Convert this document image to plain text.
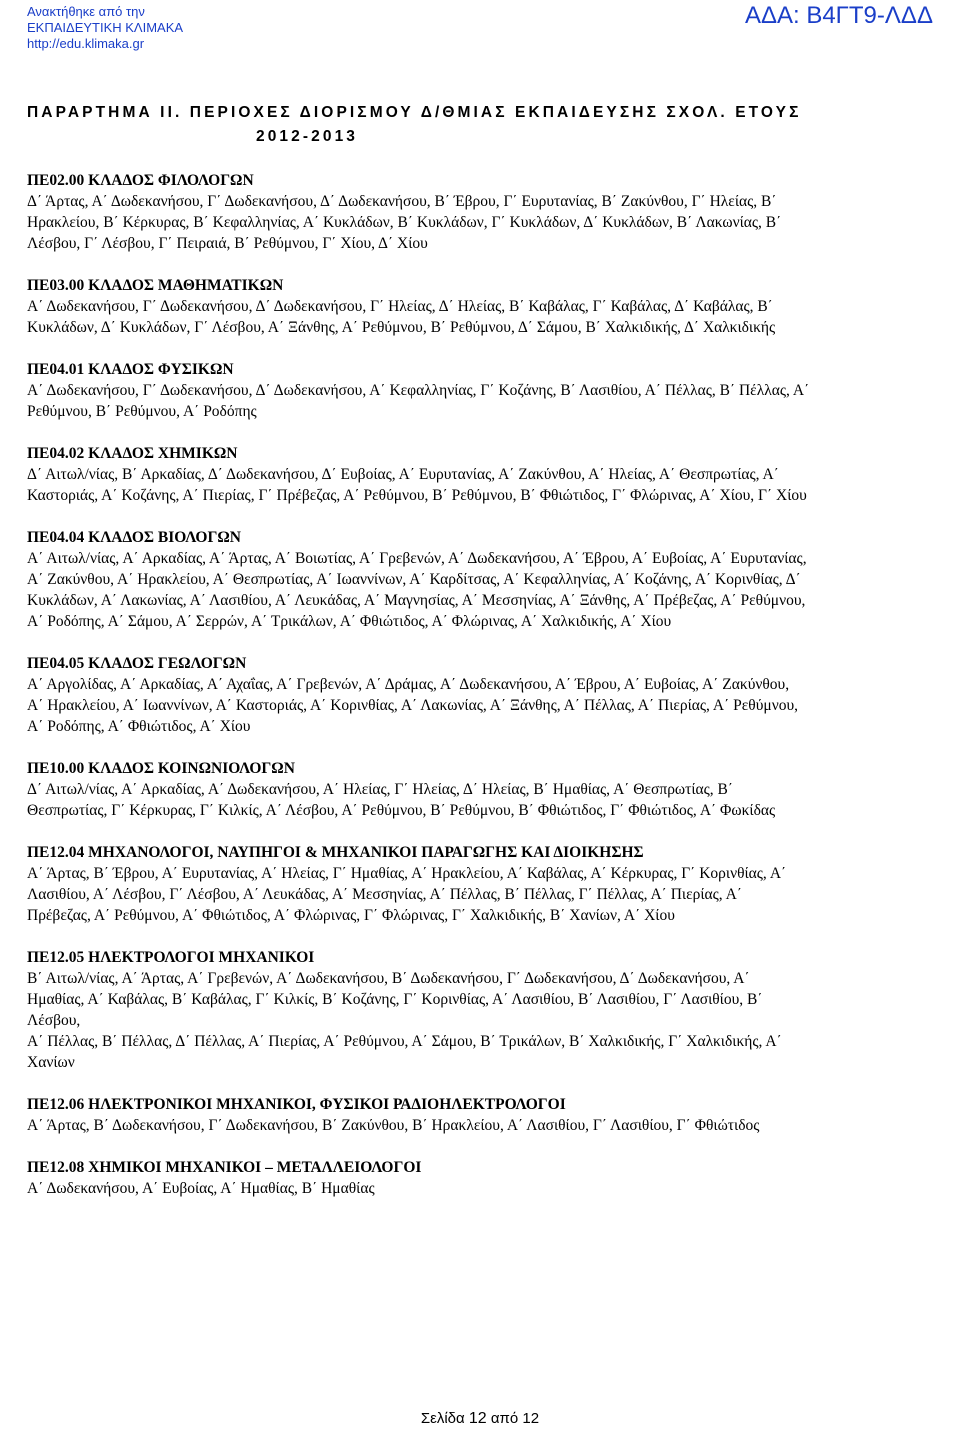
Ανακτήθηκε από την
ΕΚΠΑΙΔΕΥΤΙΚΗ ΚΛΙΜΑΚΑ
http://edu.klimaka.gr
ΑΔΑ: Β4ΓΤ9-ΛΔΔ
ΠΑΡΑΡΤΗΜΑ ΙΙ. ΠΕΡΙΟΧΕΣ ΔΙΟΡΙΣΜΟΥ Δ/ΘΜΙΑΣ ΕΚΠΑΙΔΕΥΣΗΣ ΣΧΟΛ. ΕΤΟΥΣ
2012-2013
ΠΕ02.00 ΚΛΑΔΟΣ ΦΙΛΟΛΟΓΩΝ
Δ΄ Άρτας, Α΄ Δωδεκανήσου, Γ΄ Δωδεκανήσου, Δ΄ Δωδεκανήσου, Β΄ Έβρου, Γ΄ Ευρυτανίας, Β΄ Ζακύνθου, Γ΄ Ηλείας, Β΄
Ηρακλείου, Β΄ Κέρκυρας, Β΄ Κεφαλληνίας, Α΄ Κυκλάδων, Β΄ Κυκλάδων, Γ΄ Κυκλάδων, Δ΄ Κυκλάδων, Β΄ Λακωνίας, Β΄
Λέσβου, Γ΄ Λέσβου, Γ΄ Πειραιά, Β΄ Ρεθύμνου, Γ΄ Χίου, Δ΄ Χίου
ΠΕ03.00 ΚΛΑΔΟΣ ΜΑΘΗΜΑΤΙΚΩΝ
Α΄ Δωδεκανήσου, Γ΄ Δωδεκανήσου, Δ΄ Δωδεκανήσου, Γ΄ Ηλείας, Δ΄ Ηλείας, Β΄ Καβάλας, Γ΄ Καβάλας, Δ΄ Καβάλας, Β΄
Κυκλάδων, Δ΄ Κυκλάδων, Γ΄ Λέσβου, Α΄ Ξάνθης, Α΄ Ρεθύμνου, Β΄ Ρεθύμνου, Δ΄ Σάμου, Β΄ Χαλκιδικής, Δ΄ Χαλκιδικής
ΠΕ04.01 ΚΛΑΔΟΣ ΦΥΣΙΚΩΝ
Α΄ Δωδεκανήσου, Γ΄ Δωδεκανήσου, Δ΄ Δωδεκανήσου, Α΄ Κεφαλληνίας, Γ΄ Κοζάνης, Β΄ Λασιθίου, Α΄ Πέλλας, Β΄ Πέλλας, Α΄
Ρεθύμνου, Β΄ Ρεθύμνου, Α΄ Ροδόπης
ΠΕ04.02 ΚΛΑΔΟΣ ΧΗΜΙΚΩΝ
Δ΄ Αιτωλ/νίας, Β΄ Αρκαδίας, Δ΄ Δωδεκανήσου, Δ΄ Ευβοίας, Α΄ Ευρυτανίας, Α΄ Ζακύνθου, Α΄ Ηλείας, Α΄ Θεσπρωτίας, Α΄
Καστοριάς, Α΄ Κοζάνης, Α΄ Πιερίας, Γ΄ Πρέβεζας, Α΄ Ρεθύμνου, Β΄ Ρεθύμνου, Β΄ Φθιώτιδος, Γ΄ Φλώρινας, Α΄ Χίου, Γ΄ Χίου
ΠΕ04.04 ΚΛΑΔΟΣ ΒΙΟΛΟΓΩΝ
Α΄ Αιτωλ/νίας, Α΄ Αρκαδίας, Α΄ Άρτας, Α΄ Βοιωτίας, Α΄ Γρεβενών, Α΄ Δωδεκανήσου, Α΄ Έβρου, Α΄ Ευβοίας, Α΄ Ευρυτανίας,
Α΄ Ζακύνθου, Α΄ Ηρακλείου, Α΄ Θεσπρωτίας, Α΄ Ιωαννίνων, Α΄ Καρδίτσας, Α΄ Κεφαλληνίας, Α΄ Κοζάνης, Α΄ Κορινθίας, Δ΄
Κυκλάδων, Α΄ Λακωνίας, Α΄ Λασιθίου, Α΄ Λευκάδας, Α΄ Μαγνησίας, Α΄ Μεσσηνίας, Α΄ Ξάνθης, Α΄ Πρέβεζας, Α΄ Ρεθύμνου,
Α΄ Ροδόπης, Α΄ Σάμου, Α΄ Σερρών, Α΄ Τρικάλων, Α΄ Φθιώτιδος, Α΄ Φλώρινας, Α΄ Χαλκιδικής, Α΄ Χίου
ΠΕ04.05 ΚΛΑΔΟΣ ΓΕΩΛΟΓΩΝ
Α΄ Αργολίδας, Α΄ Αρκαδίας, Α΄ Αχαΐας, Α΄ Γρεβενών, Α΄ Δράμας, Α΄ Δωδεκανήσου, Α΄ Έβρου, Α΄ Ευβοίας, Α΄ Ζακύνθου,
Α΄ Ηρακλείου, Α΄ Ιωαννίνων, Α΄ Καστοριάς, Α΄ Κορινθίας, Α΄ Λακωνίας, Α΄ Ξάνθης, Α΄ Πέλλας, Α΄ Πιερίας, Α΄ Ρεθύμνου,
Α΄ Ροδόπης, Α΄ Φθιώτιδος, Α΄ Χίου
ΠΕ10.00 ΚΛΑΔΟΣ ΚΟΙΝΩΝΙΟΛΟΓΩΝ
Δ΄ Αιτωλ/νίας, Α΄ Αρκαδίας, Α΄ Δωδεκανήσου, Α΄ Ηλείας, Γ΄ Ηλείας, Δ΄ Ηλείας, Β΄ Ημαθίας, Α΄ Θεσπρωτίας, Β΄
Θεσπρωτίας, Γ΄ Κέρκυρας, Γ΄ Κιλκίς, Α΄ Λέσβου, Α΄ Ρεθύμνου, Β΄ Ρεθύμνου, Β΄ Φθιώτιδος, Γ΄ Φθιώτιδος, Α΄ Φωκίδας
ΠΕ12.04 ΜΗΧΑΝΟΛΟΓΟΙ, ΝΑΥΠΗΓΟΙ & ΜΗΧΑΝΙΚΟΙ ΠΑΡΑΓΩΓΗΣ ΚΑΙ ΔΙΟΙΚΗΣΗΣ
Α΄ Άρτας, Β΄ Έβρου, Α΄ Ευρυτανίας, Α΄ Ηλείας, Γ΄ Ημαθίας, Α΄ Ηρακλείου, Α΄ Καβάλας, Α΄ Κέρκυρας, Γ΄ Κορινθίας, Α΄
Λασιθίου, Α΄ Λέσβου, Γ΄ Λέσβου, Α΄ Λευκάδας, Α΄ Μεσσηνίας, Α΄ Πέλλας, Β΄ Πέλλας, Γ΄ Πέλλας, Α΄ Πιερίας, Α΄
Πρέβεζας, Α΄ Ρεθύμνου, Α΄ Φθιώτιδος, Α΄ Φλώρινας, Γ΄ Φλώρινας, Γ΄ Χαλκιδικής, Β΄ Χανίων, Α΄ Χίου
ΠΕ12.05 ΗΛΕΚΤΡΟΛΟΓΟΙ ΜΗΧΑΝΙΚΟΙ
Β΄ Αιτωλ/νίας, Α΄ Άρτας, Α΄ Γρεβενών, Α΄ Δωδεκανήσου, Β΄ Δωδεκανήσου, Γ΄ Δωδεκανήσου, Δ΄ Δωδεκανήσου, Α΄
Ημαθίας, Α΄ Καβάλας, Β΄ Καβάλας, Γ΄ Κιλκίς, Β΄ Κοζάνης, Γ΄ Κορινθίας, Α΄ Λασιθίου, Β΄ Λασιθίου, Γ΄ Λασιθίου, Β΄
Λέσβου,
Α΄ Πέλλας, Β΄ Πέλλας, Δ΄ Πέλλας, Α΄ Πιερίας, Α΄ Ρεθύμνου, Α΄ Σάμου, Β΄ Τρικάλων, Β΄ Χαλκιδικής, Γ΄ Χαλκιδικής, Α΄
Χανίων
ΠΕ12.06 ΗΛΕΚΤΡΟΝΙΚΟΙ ΜΗΧΑΝΙΚΟΙ, ΦΥΣΙΚΟΙ ΡΑΔΙΟΗΛΕΚΤΡΟΛΟΓΟΙ
Α΄ Άρτας, Β΄ Δωδεκανήσου, Γ΄ Δωδεκανήσου, Β΄ Ζακύνθου, Β΄ Ηρακλείου, Α΄ Λασιθίου, Γ΄ Λασιθίου, Γ΄ Φθιώτιδος
ΠΕ12.08 ΧΗΜΙΚΟΙ ΜΗΧΑΝΙΚΟΙ – ΜΕΤΑΛΛΕΙΟΛΟΓΟΙ
Α΄ Δωδεκανήσου, Α΄ Ευβοίας, Α΄ Ημαθίας, Β΄ Ημαθίας
Σελίδα 12 από 12
